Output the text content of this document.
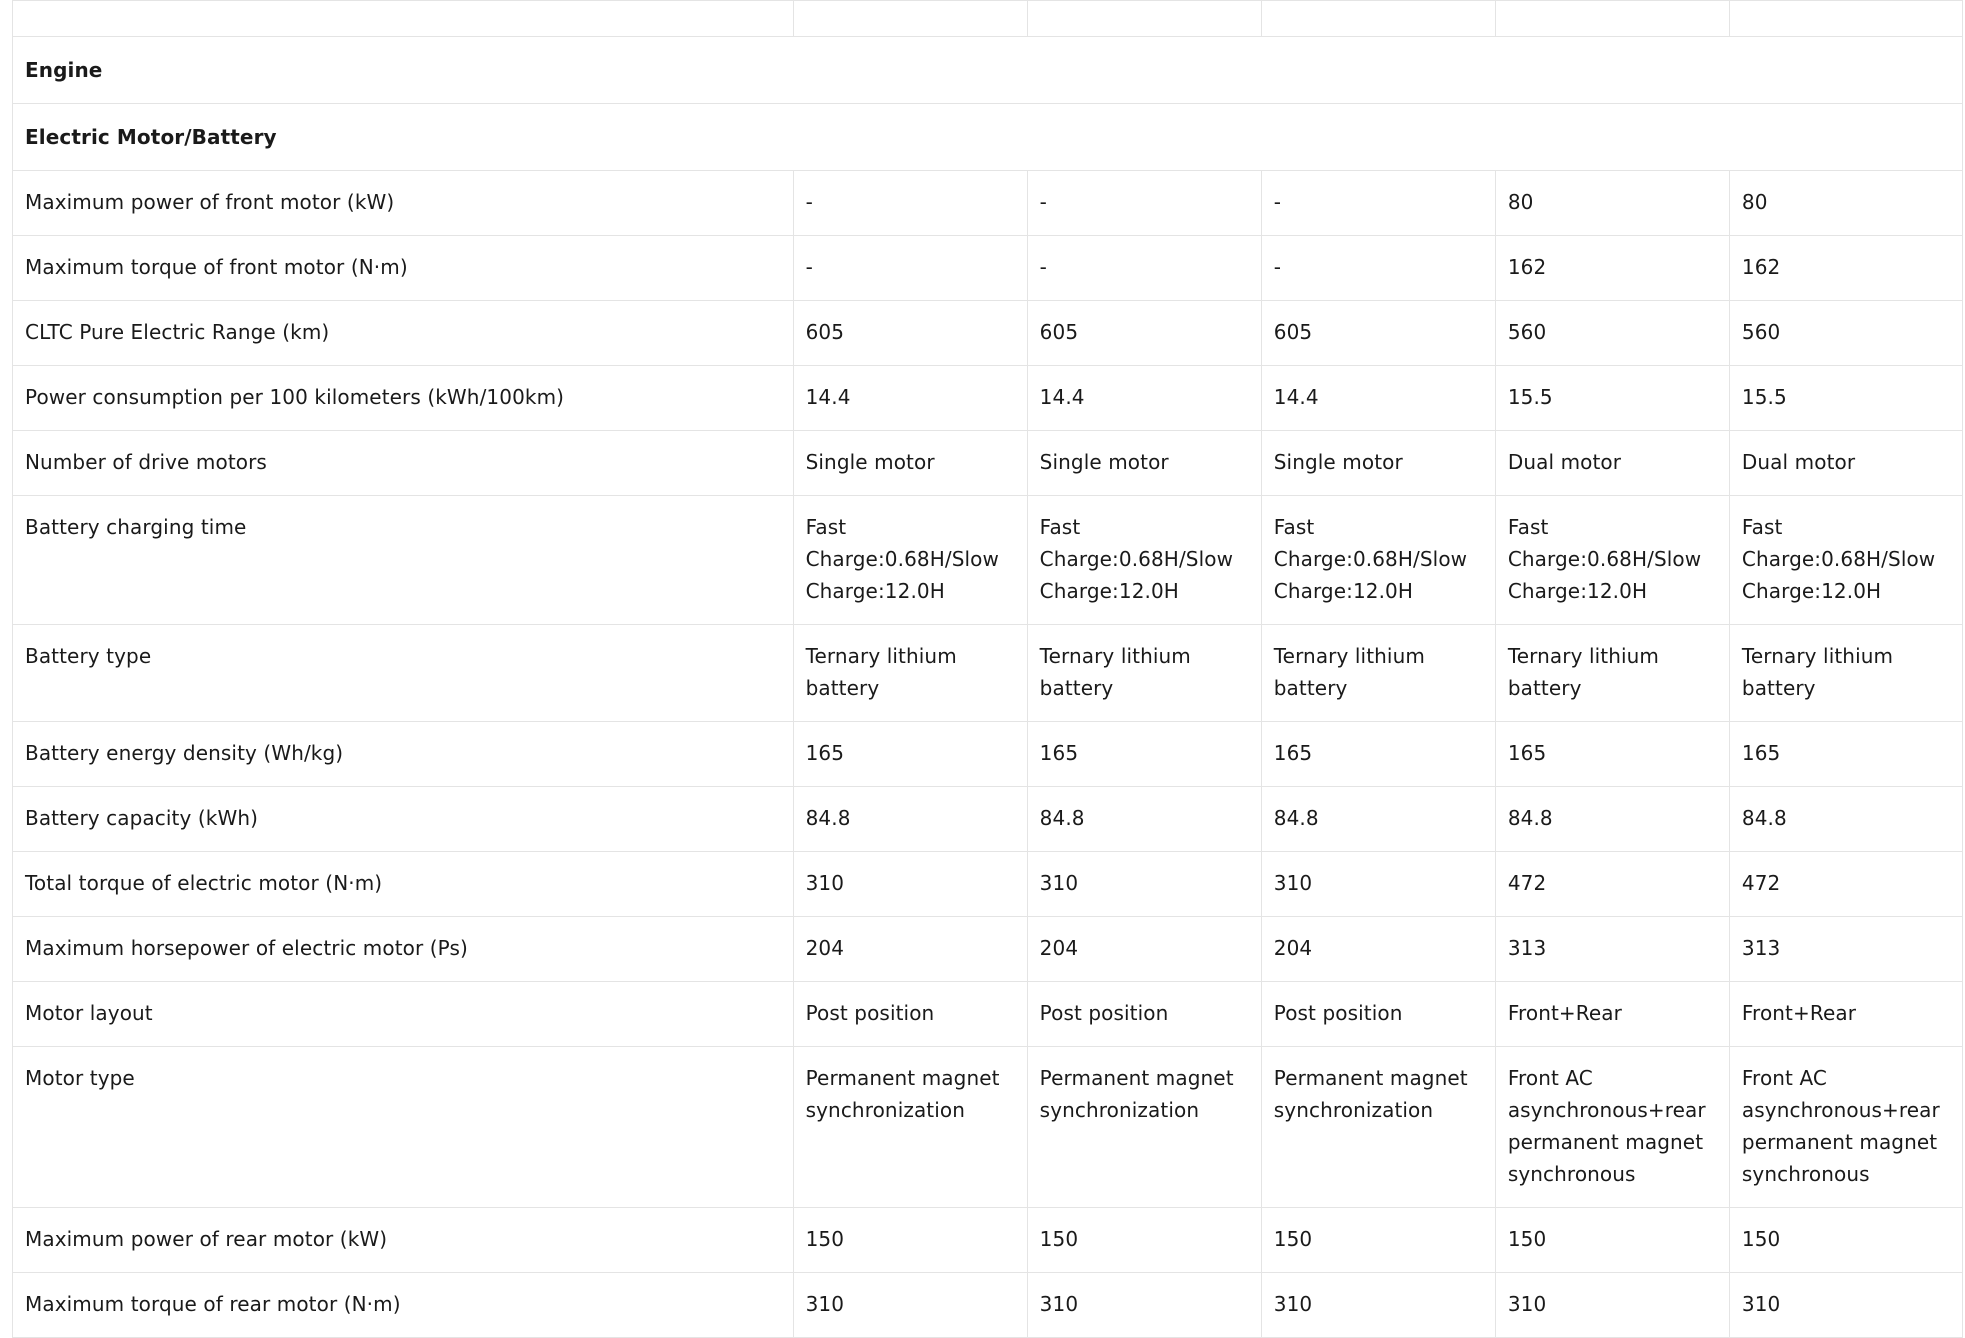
Engine					
Electric Motor/Battery					
Maximum power of front motor (kW)	-	-	-	80	80
Maximum torque of front motor (N·m)	-	-	-	162	162
CLTC Pure Electric Range (km)	605	605	605	560	560
Power consumption per 100 kilometers (kWh/100km)	14.4	14.4	14.4	15.5	15.5
Number of drive motors	Single motor	Single motor	Single motor	Dual motor	Dual motor
Battery charging time	Fast Charge:0.68H/Slow Charge:12.0H	Fast Charge:0.68H/Slow Charge:12.0H	Fast Charge:0.68H/Slow Charge:12.0H	Fast Charge:0.68H/Slow Charge:12.0H	Fast Charge:0.68H/Slow Charge:12.0H
Battery type	Ternary lithium battery	Ternary lithium battery	Ternary lithium battery	Ternary lithium battery	Ternary lithium battery
Battery energy density (Wh/kg)	165	165	165	165	165
Battery capacity (kWh)	84.8	84.8	84.8	84.8	84.8
Total torque of electric motor (N·m)	310	310	310	472	472
Maximum horsepower of electric motor (Ps)	204	204	204	313	313
Motor layout	Post position	Post position	Post position	Front+Rear	Front+Rear
Motor type	Permanent magnet synchronization	Permanent magnet synchronization	Permanent magnet synchronization	Front AC asynchronous+rear permanent magnet synchronous	Front AC asynchronous+rear permanent magnet synchronous
Maximum power of rear motor (kW)	150	150	150	150	150
Maximum torque of rear motor (N·m)	310	310	310	310	310
